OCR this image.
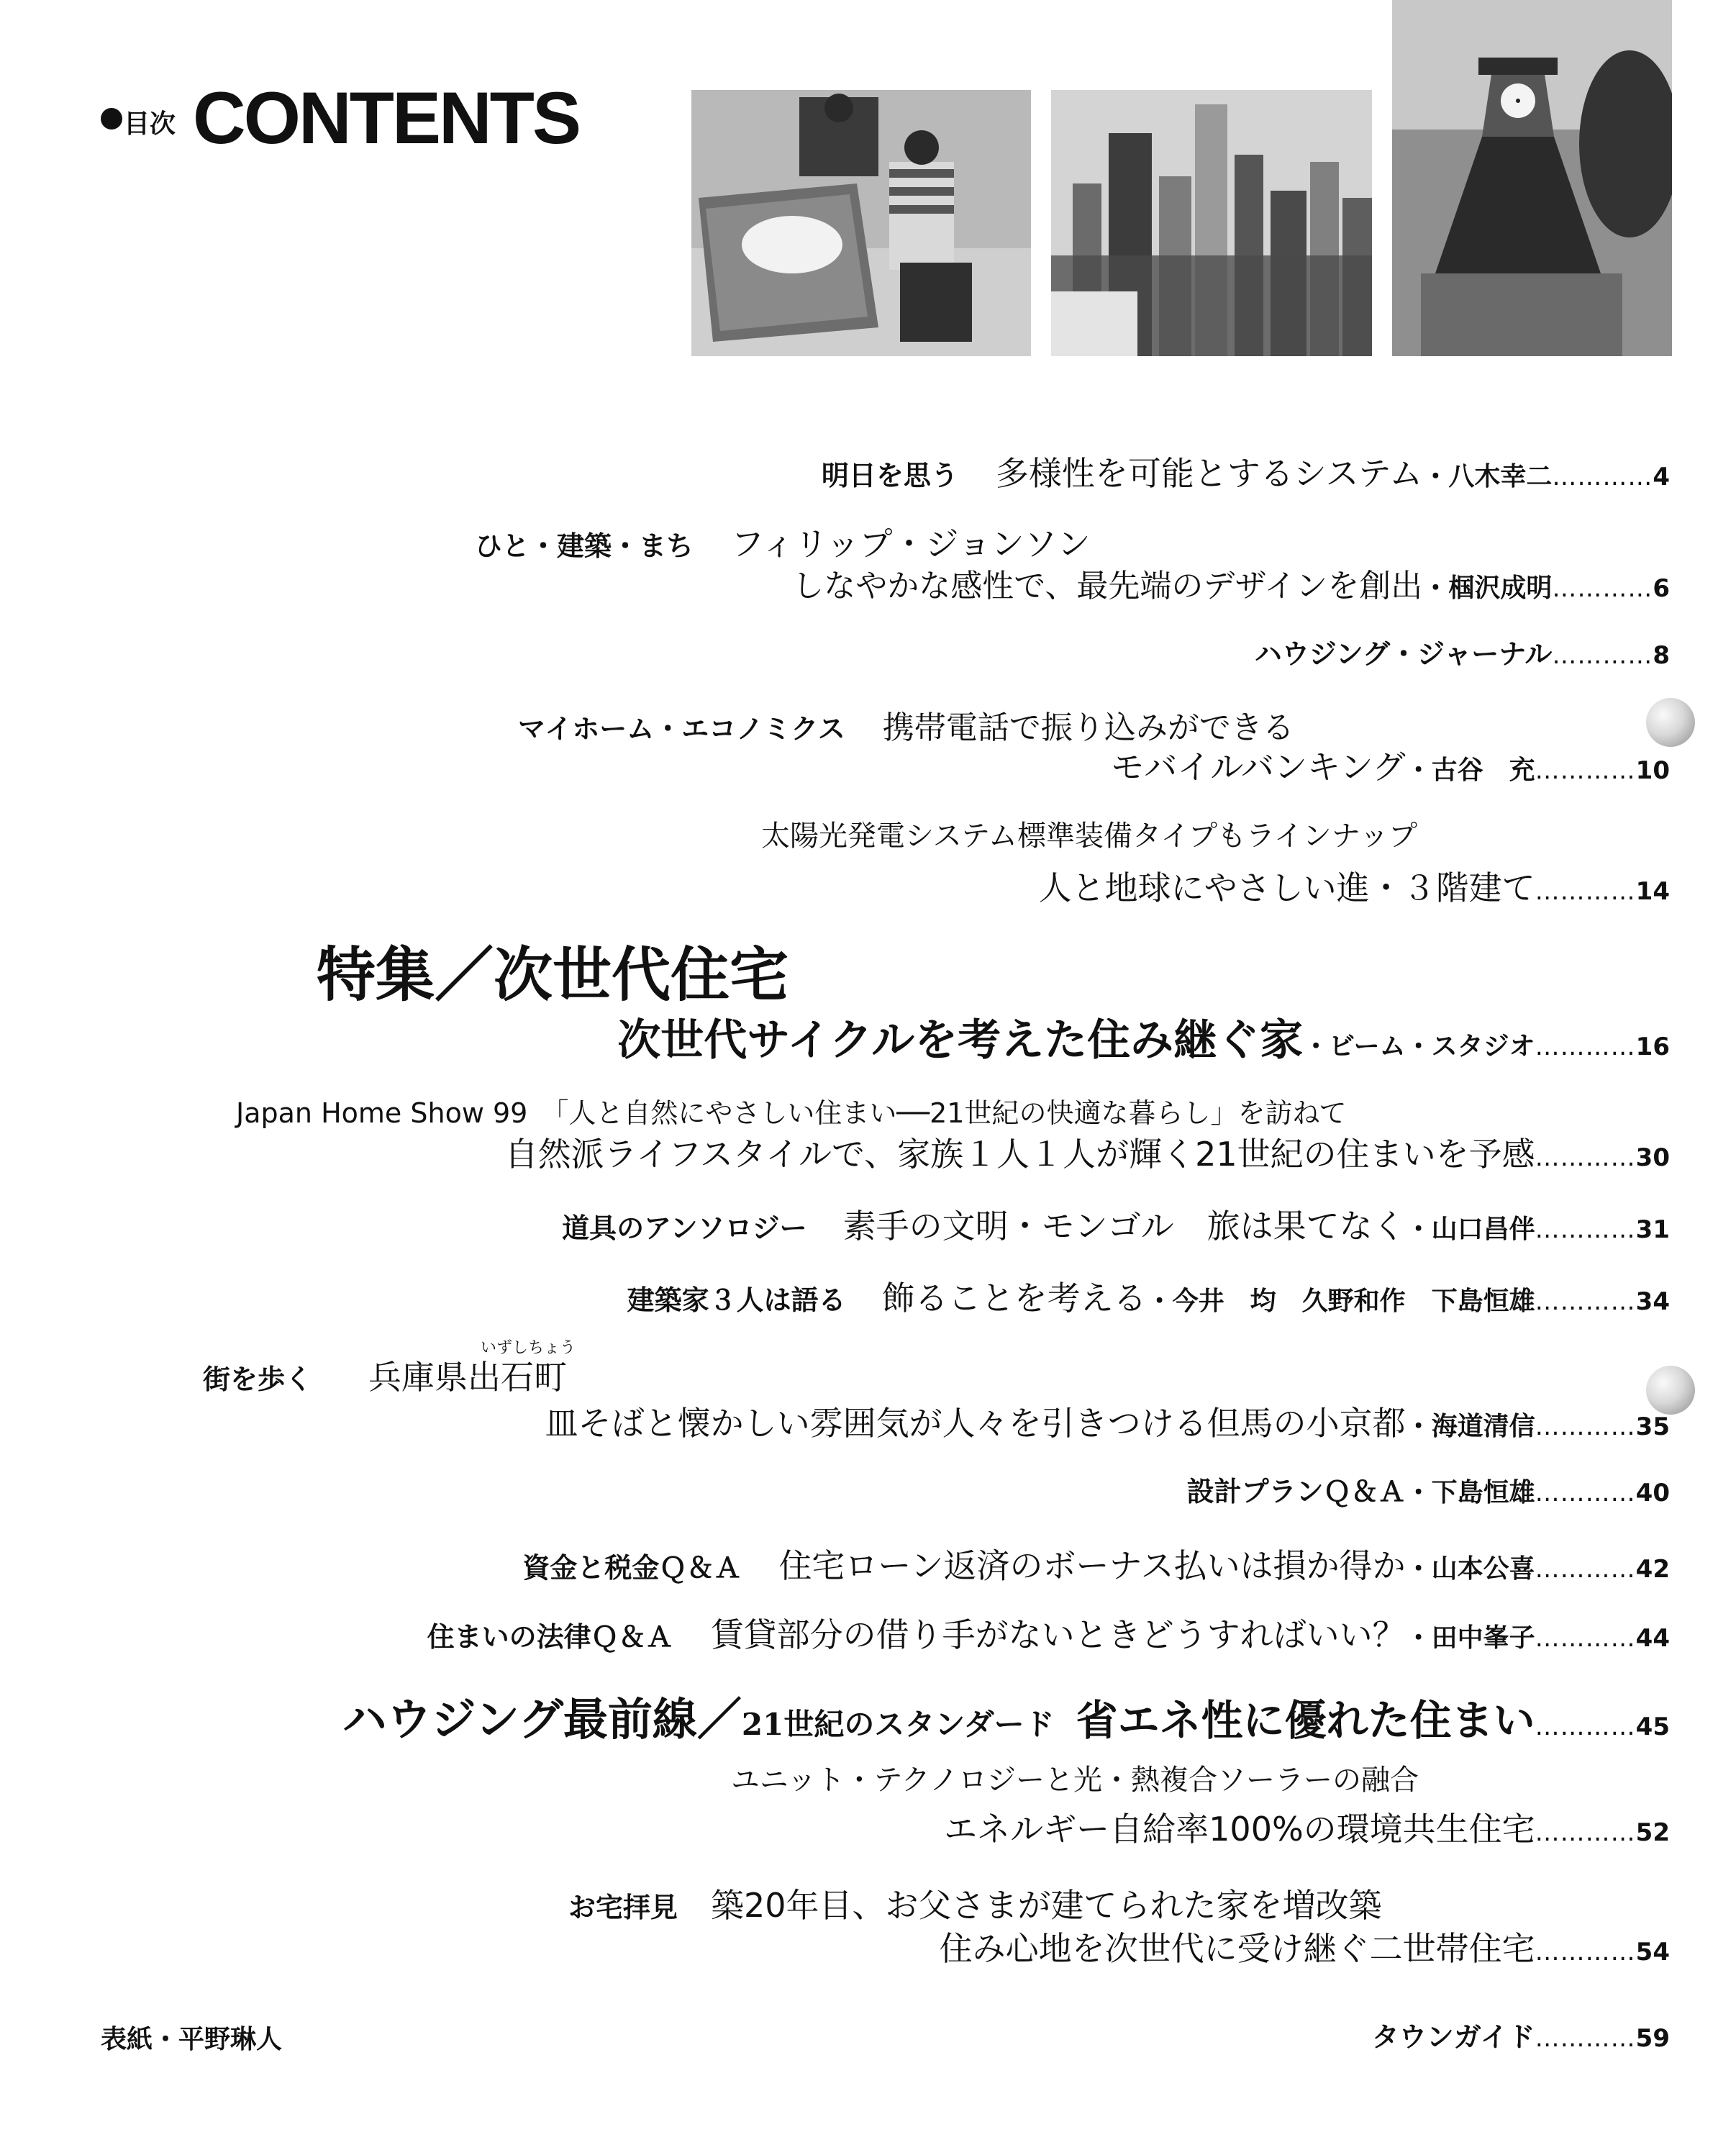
目次 CONTENTS
明日を思う 多様性を可能とするシステム・八木幸二…………4
ひと・建築・まち フィリップ・ジョンソン
しなやかな感性で、最先端のデザインを創出・椢沢成明…………6
ハウジング・ジャーナル…………8
マイホーム・エコノミクス 携帯電話で振り込みができる
モバイルバンキング・古谷　充…………10
太陽光発電システム標準装備タイプもラインナップ
人と地球にやさしい進・３階建て…………14
特集／次世代住宅
次世代サイクルを考えた住み継ぐ家・ビーム・スタジオ…………16
Japan Home Show 99　「人と自然にやさしい住まい──21世紀の快適な暮らし」を訪ねて
自然派ライフスタイルで、家族１人１人が輝く21世紀の住まいを予感…………30
道具のアンソロジー 素手の文明・モンゴル　旅は果てなく・山口昌伴…………31
建築家３人は語る 飾ることを考える・今井　均　久野和作　下島恒雄…………34
街を歩く
いずしちょう
兵庫県出石町
皿そばと懐かしい雰囲気が人々を引きつける但馬の小京都・海道清信…………35
設計プランＱ＆Ａ・下島恒雄…………40
資金と税金Ｑ＆Ａ 住宅ローン返済のボーナス払いは損か得か・山本公喜…………42
住まいの法律Ｑ＆Ａ 賃貸部分の借り手がないときどうすればいい？・田中峯子…………44
ハウジング最前線／21世紀のスタンダード 省エネ性に優れた住まい…………45
ユニット・テクノロジーと光・熱複合ソーラーの融合
エネルギー自給率100%の環境共生住宅…………52
お宅拝見 築20年目、お父さまが建てられた家を増改築
住み心地を次世代に受け継ぐ二世帯住宅…………54
表紙・平野琳人	タウンガイド…………59
